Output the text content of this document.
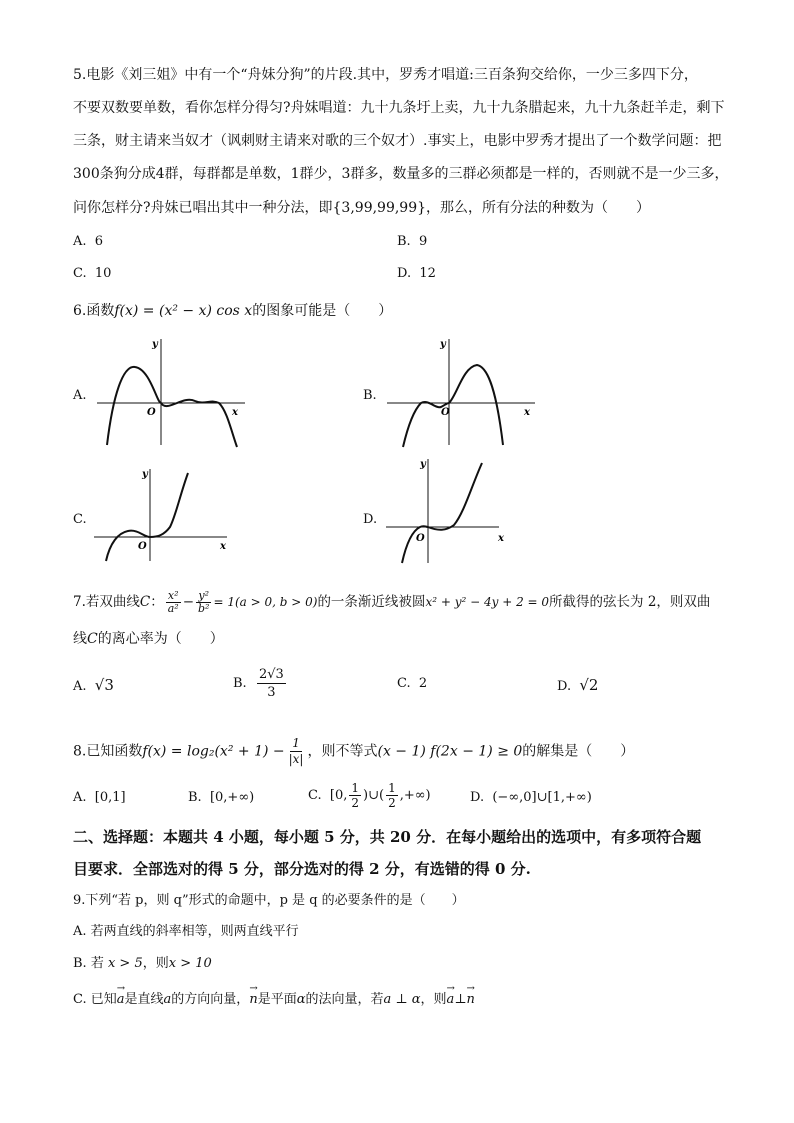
5.电影《刘三姐》中有一个“舟妹分狗”的片段.其中，罗秀才唱道:三百条狗交给你，一少三多四下分，
不要双数要单数，看你怎样分得匀?舟妹唱道：九十九条圩上卖，九十九条腊起来，九十九条赶羊走，剩下
三条，财主请来当奴才（讽刺财主请来对歌的三个奴才）.事实上，电影中罗秀才提出了一个数学问题：把
300条狗分成4群，每群都是单数，1群少，3群多，数量多的三群必须都是一样的，否则就不是一少三多，
问你怎样分?舟妹已唱出其中一种分法，即{3,99,99,99}，那么，所有分法的种数为（　　）
A. 6	B. 9
C. 10	D. 12
6.函数f(x) = (x² − x) cos x的图象可能是（　　）
A.
y
x
O
B.
y
x
O
C.
y
x
O
D.
y
x
O
7.若双曲线C： $\frac{\text{x²}}{\text{a²}} - \frac{\text{y²}}{\text{b²}} = 1(a > 0$, b > 0)的一条渐近线被圆x² + y² − 4y + 2 = 0所截得的弦长为 2，则双曲
线C的离心率为（　　）
A. √3	B. $\frac{2√3}{3}$	C. 2	D. √2
8.已知函数$f(x) = \log_2(x^2 + 1) - \frac{1}{|x|}$ ，则不等式(x − 1) f(2x − 1) ≥ 0的解集是（　　）
A. [0,1]	B. [0,+∞)	C. [0, $\frac{1}{2}$ )∪( $\frac{1}{2}$ ,+∞)	D. (−∞,0]∪[1,+∞)
二、选择题：本题共 4 小题，每小题 5 分，共 20 分．在每小题给出的选项中，有多项符合题
目要求．全部选对的得 5 分，部分选对的得 2 分，有选错的得 0 分.
9.下列“若 p，则 q”形式的命题中，p 是 q 的必要条件的是（　　）
A. 若两直线的斜率相等，则两直线平行
B. 若 x > 5，则x > 10
C. 已知→ a是直线a的方向向量，→ n是平面α的法向量，若a ⊥ α，则→ a⊥→ n
